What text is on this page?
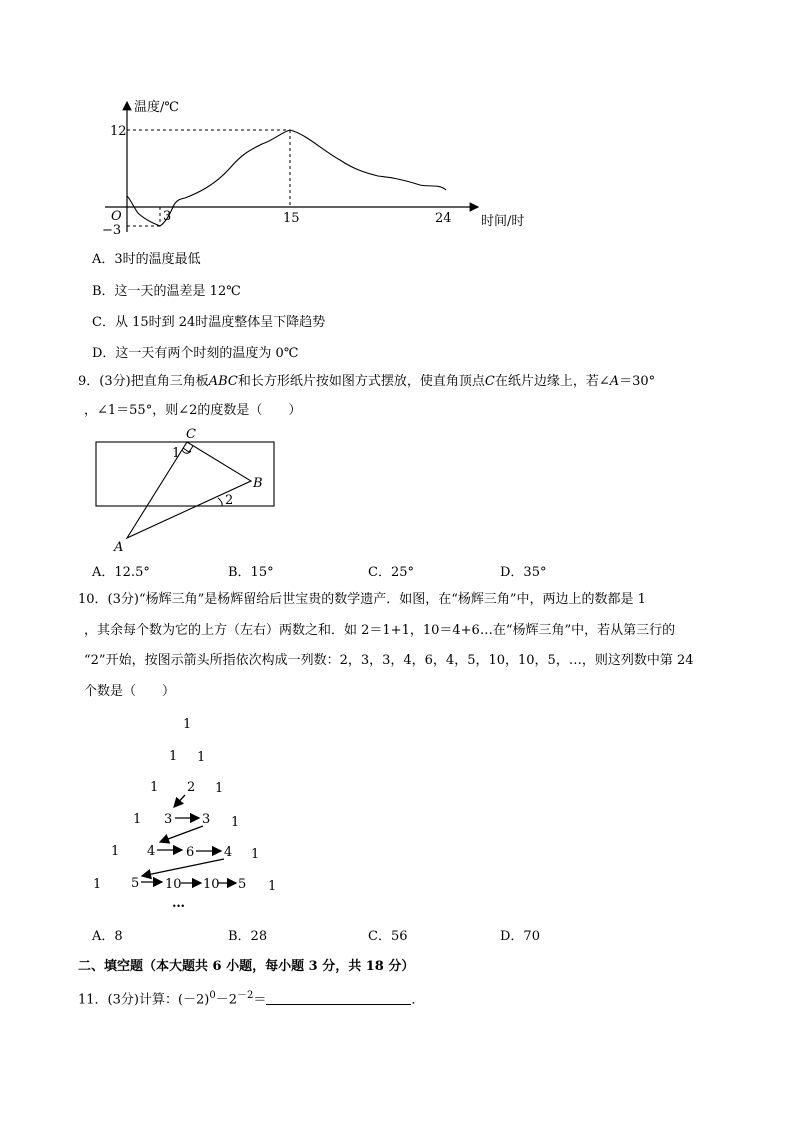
温度/℃
时间/时
O
12
−3
3	15	24
A．3时的温度最低
B．这一天的温差是 12℃
C．从 15时到 24时温度整体呈下降趋势
D．这一天有两个时刻的温度为 0℃
9．(3分)把直角三角板ABC和长方形纸片按如图方式摆放，使直角顶点C在纸片边缘上，若∠A＝30°
，∠1＝55°，则∠2的度数是（　　）
C
1
B
2
A
A．12.5°	B．15°	C．25°	D．35°
10．(3分)“杨辉三角”是杨辉留给后世宝贵的数学遗产．如图，在“杨辉三角”中，两边上的数都是 1
，其余每个数为它的上方（左右）两数之和．如 2＝1+1，10＝4+6…在“杨辉三角”中，若从第三行的
“2”开始，按图示箭头所指依次构成一列数：2，3，3，4，6，4，5，10，10，5，…，则这列数中第 24
个数是（　　）
1
1 1
1 2 1
1 3 3 1
1 4 6 4 1
1 5 10 10 5 1
…
A．8	B．28	C．56	D．70
二、填空题（本大题共 6 小题，每小题 3 分，共 18 分）
11．(3分)计算：$(-2)^0-2^{-2}=$	．
